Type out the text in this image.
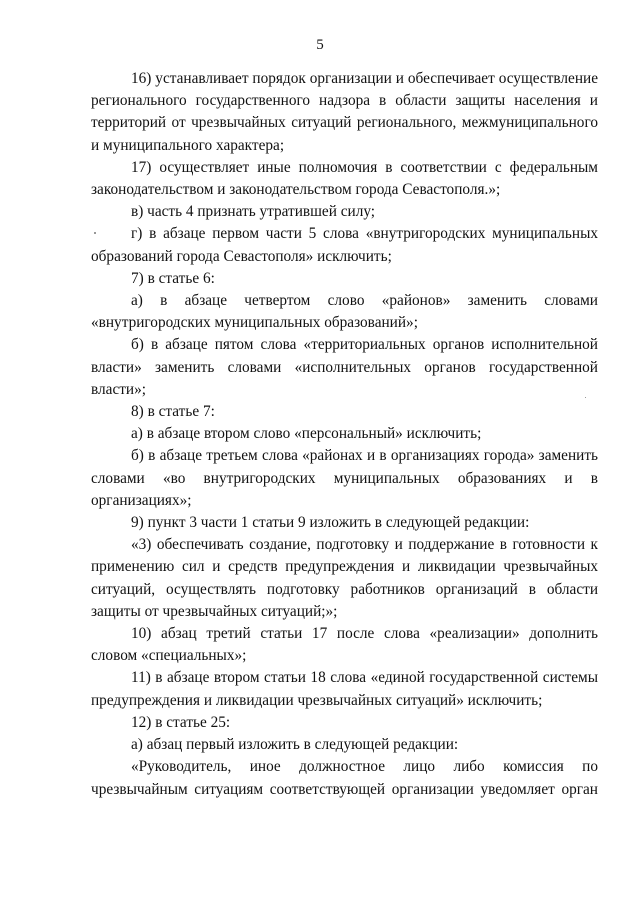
5

16) устанавливает порядок организации и обеспечивает осуществление регионального государственного надзора в области защиты населения и территорий от чрезвычайных ситуаций регионального, межмуниципального и муниципального характера;

17) осуществляет иные полномочия в соответствии с федеральным законодательством и законодательством города Севастополя.»;

в) часть 4 признать утратившей силу;

г) в абзаце первом части 5 слова «внутригородских муниципальных образований города Севастополя» исключить;

7) в статье 6:

а) в абзаце четвертом слово «районов» заменить словами «внутригородских муниципальных образований»;

б) в абзаце пятом слова «территориальных органов исполнительной власти» заменить словами «исполнительных органов государственной власти»;

8) в статье 7:

а) в абзаце втором слово «персональный» исключить;

б) в абзаце третьем слова «районах и в организациях города» заменить словами «во внутригородских муниципальных образованиях и в организациях»;

9) пункт 3 части 1 статьи 9 изложить в следующей редакции:

«3) обеспечивать создание, подготовку и поддержание в готовности к применению сил и средств предупреждения и ликвидации чрезвычайных ситуаций, осуществлять подготовку работников организаций в области защиты от чрезвычайных ситуаций;»;

10) абзац третий статьи 17 после слова «реализации» дополнить словом «специальных»;

11) в абзаце втором статьи 18 слова «единой государственной системы предупреждения и ликвидации чрезвычайных ситуаций» исключить;

12) в статье 25:

а) абзац первый изложить в следующей редакции:

«Руководитель, иное должностное лицо либо комиссия по чрезвычайным ситуациям соответствующей организации уведомляет орган
